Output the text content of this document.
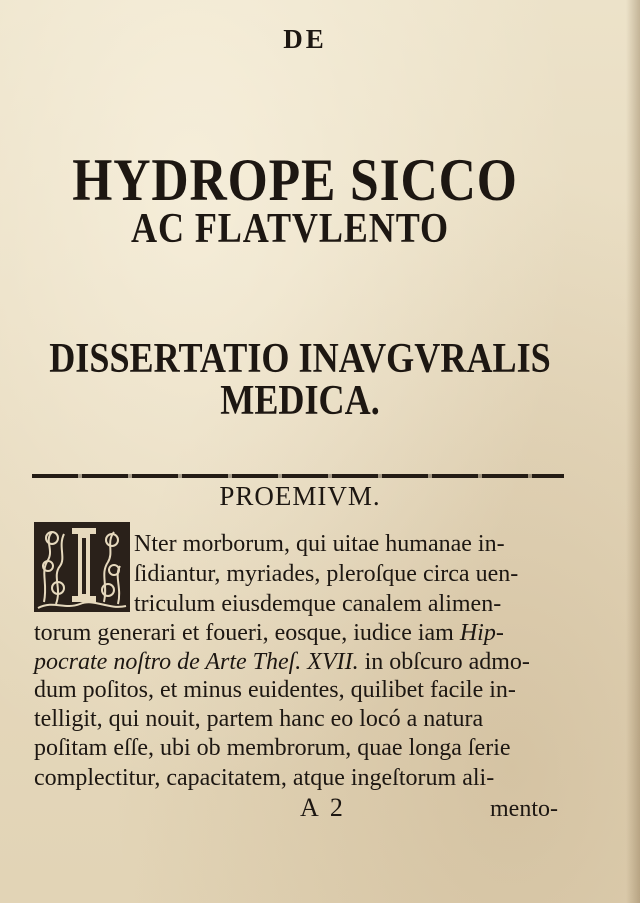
DE
HYDROPE SICCO
AC FLATVLENTO
DISSERTATIO INAVGVRALIS
MEDICA.
PROEMIVM.
Nter morborum, qui uitae humanae in-
ſidiantur, myriades, pleroſque circa uen-
triculum eiusdemque canalem alimen-
torum generari et foueri, eosque, iudice iam Hip-
pocrate noſtro de Arte Theſ. XVII. in obſcuro admo-
dum poſitos, et minus euidentes, quilibet facile in-
telligit, qui nouit, partem hanc eo locó a natura
poſitam eſſe, ubi ob membrorum, quae longa ſerie
complectitur, capacitatem, atque ingeſtorum ali-
A 2	mento-
